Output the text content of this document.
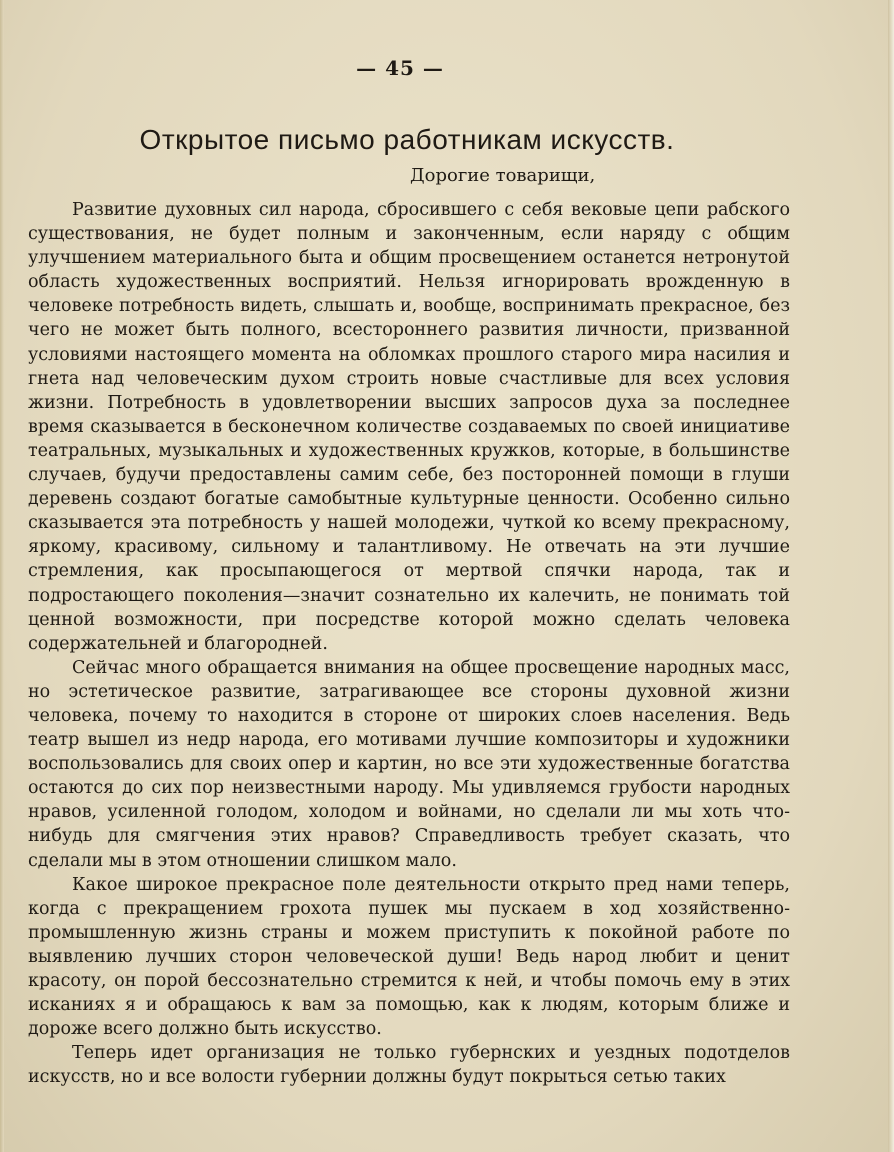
— 45 —
Открытое письмо работникам искусств.
Дорогие товарищи,

Развитие духовных сил народа, сбросившего с себя вековые цепи рабского существования, не будет полным и законченным, если наряду с общим улучшением материального быта и общим просвещением останется нетронутой область художественных восприятий. Нельзя игнорировать врожденную в человеке потребность видеть, слышать и, вообще, воспринимать прекрасное, без чего не может быть полного, всестороннего развития личности, призванной условиями настоящего момента на обломках прошлого старого мира насилия и гнета над человеческим духом строить новые счастливые для всех условия жизни. Потребность в удовлетворении высших запросов духа за последнее время сказывается в бесконечном количестве создаваемых по своей инициативе театральных, музыкальных и художественных кружков, которые, в большинстве случаев, будучи предоставлены самим себе, без посторонней помощи в глуши деревень создают богатые самобытные культурные ценности. Особенно сильно сказывается эта потребность у нашей молодежи, чуткой ко всему прекрасному, яркому, красивому, сильному и талантливому. Не отвечать на эти лучшие стремления, как просыпающегося от мертвой спячки народа, так и подростающего поколения—значит сознательно их калечить, не понимать той ценной возможности, при посредстве которой можно сделать человека содержательней и благородней.

Сейчас много обращается внимания на общее просвещение народных масс, но эстетическое развитие, затрагивающее все стороны духовной жизни человека, почему то находится в стороне от широких слоев населения. Ведь театр вышел из недр народа, его мотивами лучшие композиторы и художники воспользовались для своих опер и картин, но все эти художественные богатства остаются до сих пор неизвестными народу. Мы удивляемся грубости народных нравов, усиленной голодом, холодом и войнами, но сделали ли мы хоть что-нибудь для смягчения этих нравов? Справедливость требует сказать, что сделали мы в этом отношении слишком мало.

Какое широкое прекрасное поле деятельности открыто пред нами теперь, когда с прекращением грохота пушек мы пускаем в ход хозяйственно-промышленную жизнь страны и можем приступить к покойной работе по выявлению лучших сторон человеческой души! Ведь народ любит и ценит красоту, он порой бессознательно стремится к ней, и чтобы помочь ему в этих исканиях я и обращаюсь к вам за помощью, как к людям, которым ближе и дороже всего должно быть искусство.

Теперь идет организация не только губернских и уездных подотделов искусств, но и все волости губернии должны будут покрыться сетью таких
